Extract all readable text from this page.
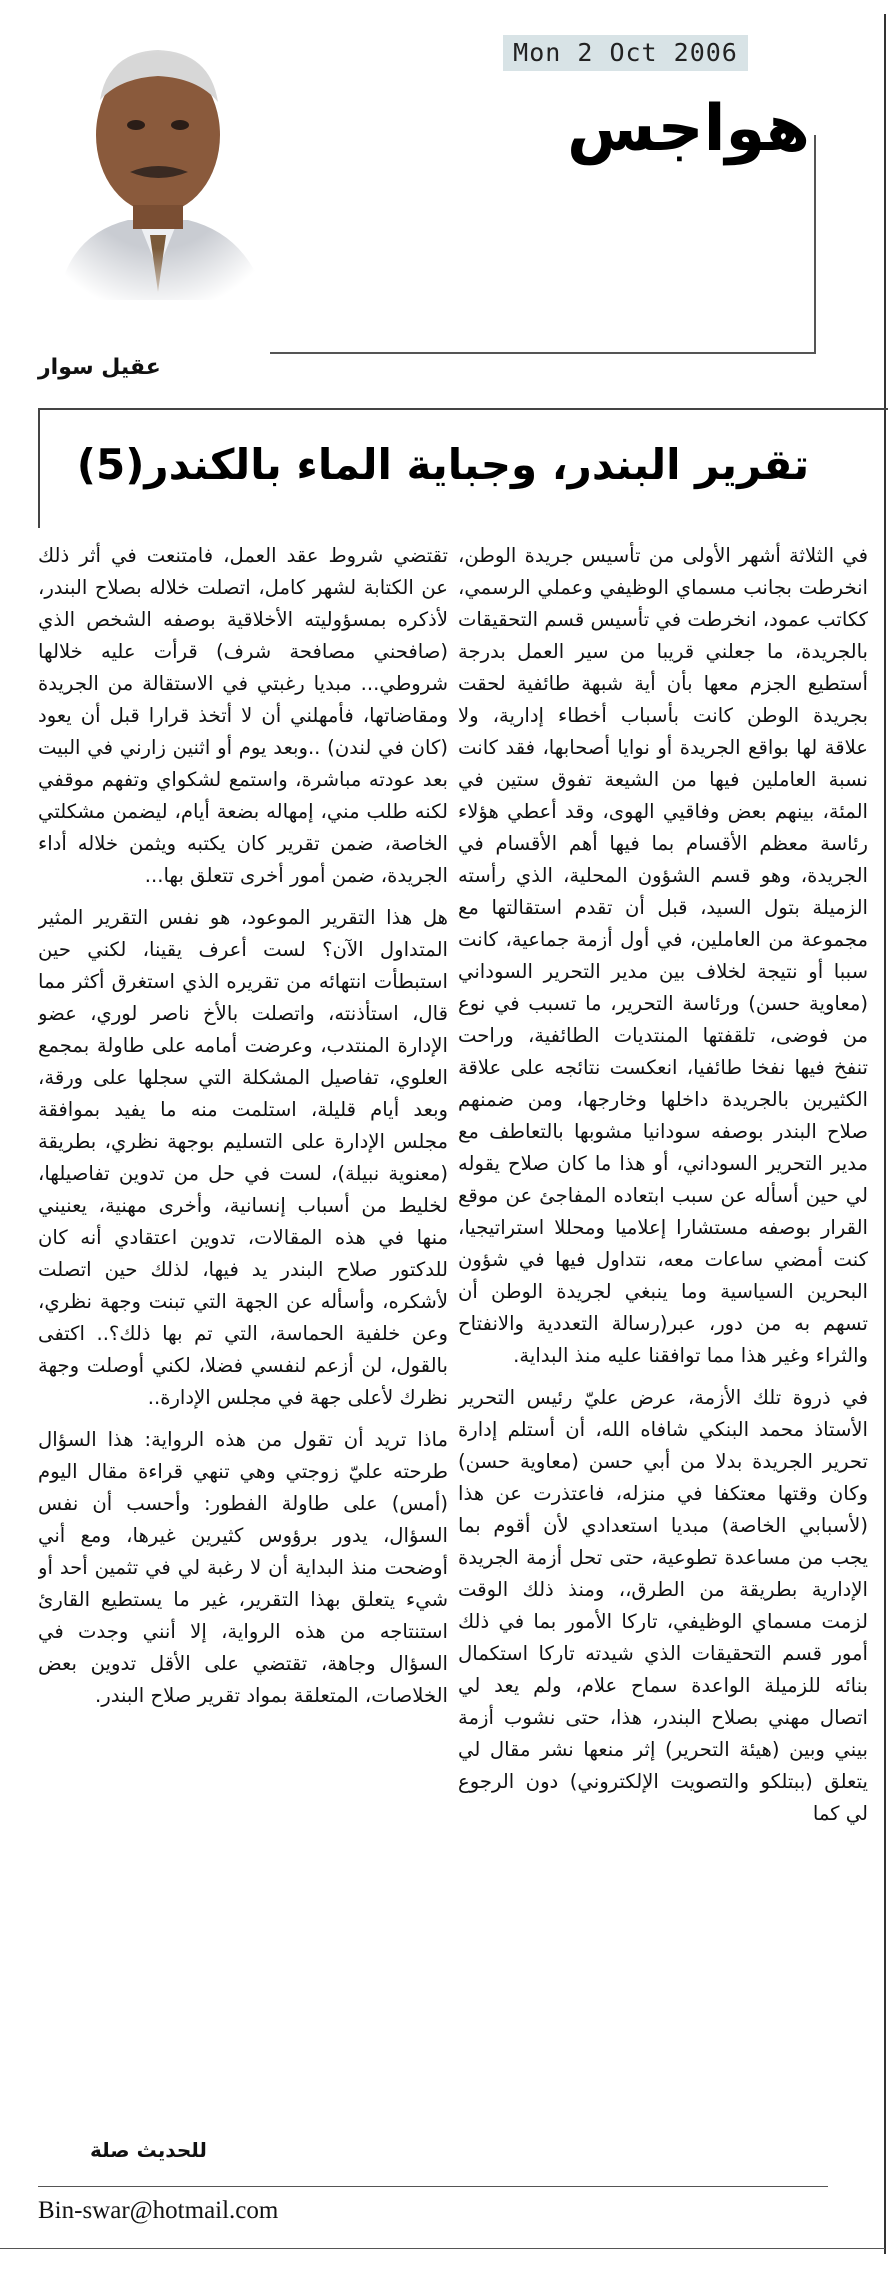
Mon 2 Oct 2006
هواجس
عقيل سوار
تقرير البندر، وجباية الماء بالكندر(5)

في الثلاثة أشهر الأولى من تأسيس جريدة الوطن، انخرطت بجانب مسماي الوظيفي وعملي الرسمي، ككاتب عمود، انخرطت في تأسيس قسم التحقيقات بالجريدة، ما جعلني قريبا من سير العمل بدرجة أستطيع الجزم معها بأن أية شبهة طائفية لحقت بجريدة الوطن كانت بأسباب أخطاء إدارية، ولا علاقة لها بواقع الجريدة أو نوايا أصحابها، فقد كانت نسبة العاملين فيها من الشيعة تفوق ستين في المئة، بينهم بعض وفاقيي الهوى، وقد أعطي هؤلاء رئاسة معظم الأقسام بما فيها أهم الأقسام في الجريدة، وهو قسم الشؤون المحلية، الذي رأسته الزميلة بتول السيد، قبل أن تقدم استقالتها مع مجموعة من العاملين، في أول أزمة جماعية، كانت سببا أو نتيجة لخلاف بين مدير التحرير السوداني (معاوية حسن) ورئاسة التحرير، ما تسبب في نوع من فوضى، تلقفتها المنتديات الطائفية، وراحت تنفخ فيها نفخا طائفيا، انعكست نتائجه على علاقة الكثيرين بالجريدة داخلها وخارجها، ومن ضمنهم صلاح البندر بوصفه سودانيا مشوبها بالتعاطف مع مدير التحرير السوداني، أو هذا ما كان صلاح يقوله لي حين أسأله عن سبب ابتعاده المفاجئ عن موقع القرار بوصفه مستشارا إعلاميا ومحللا استراتيجيا، كنت أمضي ساعات معه، نتداول فيها في شؤون البحرين السياسية وما ينبغي لجريدة الوطن أن تسهم به من دور، عبر(رسالة التعددية والانفتاح والثراء وغير هذا مما توافقنا عليه منذ البداية.

في ذروة تلك الأزمة، عرض عليّ رئيس التحرير الأستاذ محمد البنكي شافاه الله، أن أستلم إدارة تحرير الجريدة بدلا من أبي حسن (معاوية حسن) وكان وقتها معتكفا في منزله، فاعتذرت عن هذا (لأسبابي الخاصة) مبديا استعدادي لأن أقوم بما يجب من مساعدة تطوعية، حتى تحل أزمة الجريدة الإدارية بطريقة من الطرق،، ومنذ ذلك الوقت لزمت مسماي الوظيفي، تاركا الأمور بما في ذلك أمور قسم التحقيقات الذي شيدته تاركا استكمال بنائه للزميلة الواعدة سماح علام، ولم يعد لي اتصال مهني بصلاح البندر، هذا، حتى نشوب أزمة بيني وبين (هيئة التحرير) إثر منعها نشر مقال لي يتعلق (ببتلكو والتصويت الإلكتروني) دون الرجوع لي كما

تقتضي شروط عقد العمل، فامتنعت في أثر ذلك عن الكتابة لشهر كامل، اتصلت خلاله بصلاح البندر، لأذكره بمسؤوليته الأخلاقية بوصفه الشخص الذي (صافحني مصافحة شرف) قرأت عليه خلالها شروطي... مبديا رغبتي في الاستقالة من الجريدة ومقاضاتها، فأمهلني أن لا أتخذ قرارا قبل أن يعود (كان في لندن) ..وبعد يوم أو اثنين زارني في البيت بعد عودته مباشرة، واستمع لشكواي وتفهم موقفي لكنه طلب مني، إمهاله بضعة أيام، ليضمن مشكلتي الخاصة، ضمن تقرير كان يكتبه ويثمن خلاله أداء الجريدة، ضمن أمور أخرى تتعلق بها...

هل هذا التقرير الموعود، هو نفس التقرير المثير المتداول الآن؟ لست أعرف يقينا، لكني حين استبطأت انتهائه من تقريره الذي استغرق أكثر مما قال، استأذنته، واتصلت بالأخ ناصر لوري، عضو الإدارة المنتدب، وعرضت أمامه على طاولة بمجمع العلوي، تفاصيل المشكلة التي سجلها على ورقة، وبعد أيام قليلة، استلمت منه ما يفيد بموافقة مجلس الإدارة على التسليم بوجهة نظري، بطريقة (معنوية نبيلة)، لست في حل من تدوين تفاصيلها، لخليط من أسباب إنسانية، وأخرى مهنية، يعنيني منها في هذه المقالات، تدوين اعتقادي أنه كان للدكتور صلاح البندر يد فيها، لذلك حين اتصلت لأشكره، وأسأله عن الجهة التي تبنت وجهة نظري، وعن خلفية الحماسة، التي تم بها ذلك؟.. اكتفى بالقول، لن أزعم لنفسي فضلا، لكني أوصلت وجهة نظرك لأعلى جهة في مجلس الإدارة..

ماذا تريد أن تقول من هذه الرواية: هذا السؤال طرحته عليّ زوجتي وهي تنهي قراءة مقال اليوم (أمس) على طاولة الفطور: وأحسب أن نفس السؤال، يدور برؤوس كثيرين غيرها، ومع أني أوضحت منذ البداية أن لا رغبة لي في تثمين أحد أو شيء يتعلق بهذا التقرير، غير ما يستطيع القارئ استنتاجه من هذه الرواية، إلا أنني وجدت في السؤال وجاهة، تقتضي على الأقل تدوين بعض الخلاصات، المتعلقة بمواد تقرير صلاح البندر.

للحديث صلة
Bin-swar@hotmail.com
